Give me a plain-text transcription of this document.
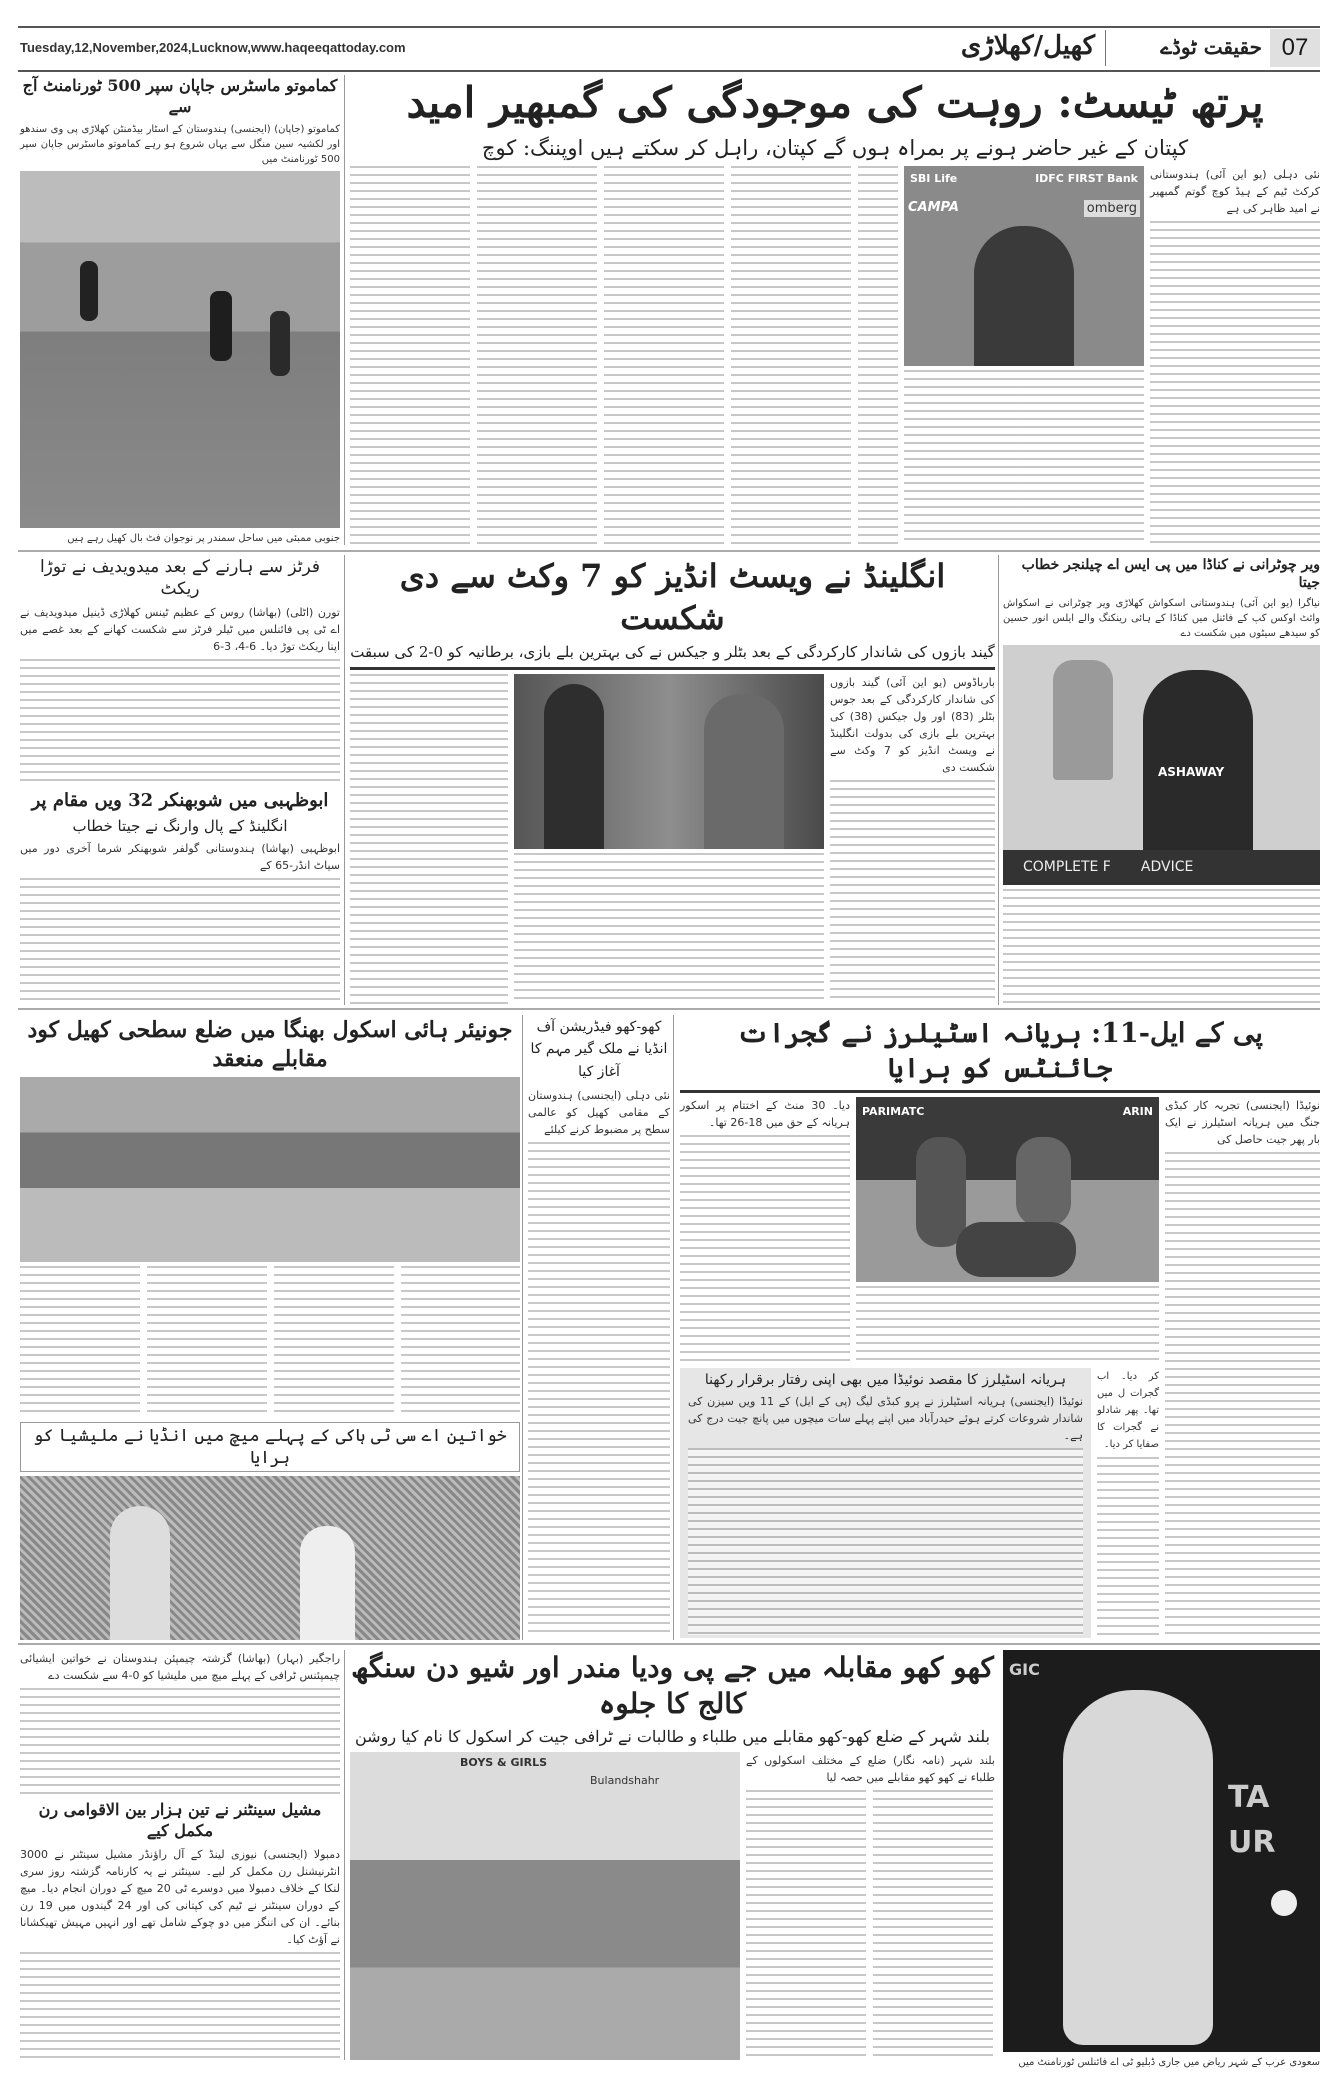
Tuesday,12,November,2024,Lucknow,www.haqeeqattoday.com	کھیل/کھلاڑی	حقیقت ٹوڈے 07
کماموتو ماسٹرس جاپان سپر 500 ٹورنامنٹ آج سے
کماموتو (جاپان) (ایجنسی) ہندوستان کے اسٹار بیڈمنٹن کھلاڑی پی وی سندھو اور لکشیہ سین منگل سے یہاں شروع ہو رہے کماموتو ماسٹرس جاپان سپر 500 ٹورنامنٹ میں
جنوبی ممبئی میں ساحل سمندر پر نوجوان فٹ بال کھیل رہے ہیں
پرتھ ٹیسٹ: روہت کی موجودگی کی گمبھیر امید
کپتان کے غیر حاضر ہونے پر بمراہ ہوں گے کپتان، راہل کر سکتے ہیں اوپننگ: کوچ
نئی دہلی (یو این آئی) ہندوستانی کرکٹ ٹیم کے ہیڈ کوچ گوتم گمبھیر نے امید ظاہر کی ہے
SBI Life	IDFC FIRST Bank
CAMPA	omberg
فرٹز سے ہارنے کے بعد میدویدیف نے توڑا ریکٹ
تورن (اٹلی) (بھاشا) روس کے عظیم ٹینس کھلاڑی ڈینیل میدویدیف نے اے ٹی پی فائنلس میں ٹیلر فرٹز سے شکست کھانے کے بعد غصے میں اپنا ریکٹ توڑ دیا۔ 6-4، 3-6
ابوظہبی میں شوبھنکر 32 ویں مقام پر
انگلینڈ کے پال وارنگ نے جیتا خطاب
ابوظہبی (بھاشا) ہندوستانی گولفر شوبھنکر شرما آخری دور میں سیاٹ انڈر-65 کے
انگلینڈ نے ویسٹ انڈیز کو 7 وکٹ سے دی شکست
گیند بازوں کی شاندار کارکردگی کے بعد بٹلر و جیکس نے کی بہترین بلے بازی، برطانیہ کو 0-2 کی سبقت
بارباڈوس (یو این آئی) گیند بازوں کی شاندار کارکردگی کے بعد جوس بٹلر (83) اور ول جیکس (38) کی بہترین بلے بازی کی بدولت انگلینڈ نے ویسٹ انڈیز کو 7 وکٹ سے شکست دی
ویر چوٹرانی نے کناڈا میں پی ایس اے چیلنجر خطاب جیتا
نیاگرا (یو این آئی) ہندوستانی اسکواش کھلاڑی ویر چوٹرانی نے اسکواش وائٹ اوکس کپ کے فائنل میں کناڈا کے ہائی رینکنگ والے ایلس انور حسین کو سیدھے سیٹوں میں شکست دے
ASHAWAY
COMPLETE F ADVICE
جونیئر ہائی اسکول بھنگا میں ضلع سطحی کھیل کود مقابلے منعقد
خواتین اے سی ٹی ہاکی کے پہلے میچ میں انڈیا نے ملیشیا کو ہرایا
کھو-کھو فیڈریشن آف انڈیا نے ملک گیر مہم کا آغاز کیا
نئی دہلی (ایجنسی) ہندوستان کے مقامی کھیل کو عالمی سطح پر مضبوط کرنے کیلئے
پی کے ایل-11: ہریانہ اسٹیلرز نے گجرات جائنٹس کو ہرایا
نوئیڈا (ایجنسی) تجربہ کار کبڈی جنگ میں ہریانہ اسٹیلرز نے ایک بار پھر جیت حاصل کی
PARIMATC	ARIN
دیا۔ 30 منٹ کے اختتام پر اسکور ہریانہ کے حق میں 18-26 تھا۔
کر دیا۔ اب گجرات ل میں تھا۔ پھر شادلو نے گجرات کا صفایا کر دیا۔
ہریانہ اسٹیلرز کا مقصد نوئیڈا میں بھی اپنی رفتار برقرار رکھنا
نوئیڈا (ایجنسی) ہریانہ اسٹیلرز نے پرو کبڈی لیگ (پی کے ایل) کے 11 ویں سیزن کی شاندار شروعات کرتے ہوئے حیدرآباد میں اپنے پہلے سات میچوں میں پانچ جیت درج کی ہے۔
راجگیر (بہار) (بھاشا) گزشتہ چیمپئن ہندوستان نے خواتین ایشیائی چیمپئنس ٹرافی کے پہلے میچ میں ملیشیا کو 0-4 سے شکست دے
مشیل سینٹنر نے تین ہزار بین الاقوامی رن مکمل کیے
دمبولا (ایجنسی) نیوزی لینڈ کے آل راؤنڈر مشیل سینٹنر نے 3000 انٹرنیشنل رن مکمل کر لیے۔ سینٹنر نے یہ کارنامہ گزشتہ روز سری لنکا کے خلاف دمبولا میں دوسرے ٹی 20 میچ کے دوران انجام دیا۔ میچ کے دوران سینٹنر نے ٹیم کی کپتانی کی اور 24 گیندوں میں 19 رن بنائے۔ ان کی اننگز میں دو چوکے شامل تھے اور انہیں مہیش تھیکشانا نے آؤٹ کیا۔
کھو کھو مقابلہ میں جے پی ودیا مندر اور شیو دن سنگھ کالج کا جلوہ
بلند شہر کے ضلع کھو-کھو مقابلے میں طلباء و طالبات نے ٹرافی جیت کر اسکول کا نام کیا روشن
بلند شہر (نامہ نگار) ضلع کے مختلف اسکولوں کے طلباء نے کھو کھو مقابلے میں حصہ لیا
BOYS & GIRLS
Bulandshahr
GIC
TA
UR
سعودی عرب کے شہر ریاض میں جاری ڈبلیو ٹی اے فائنلس ٹورنامنٹ میں
